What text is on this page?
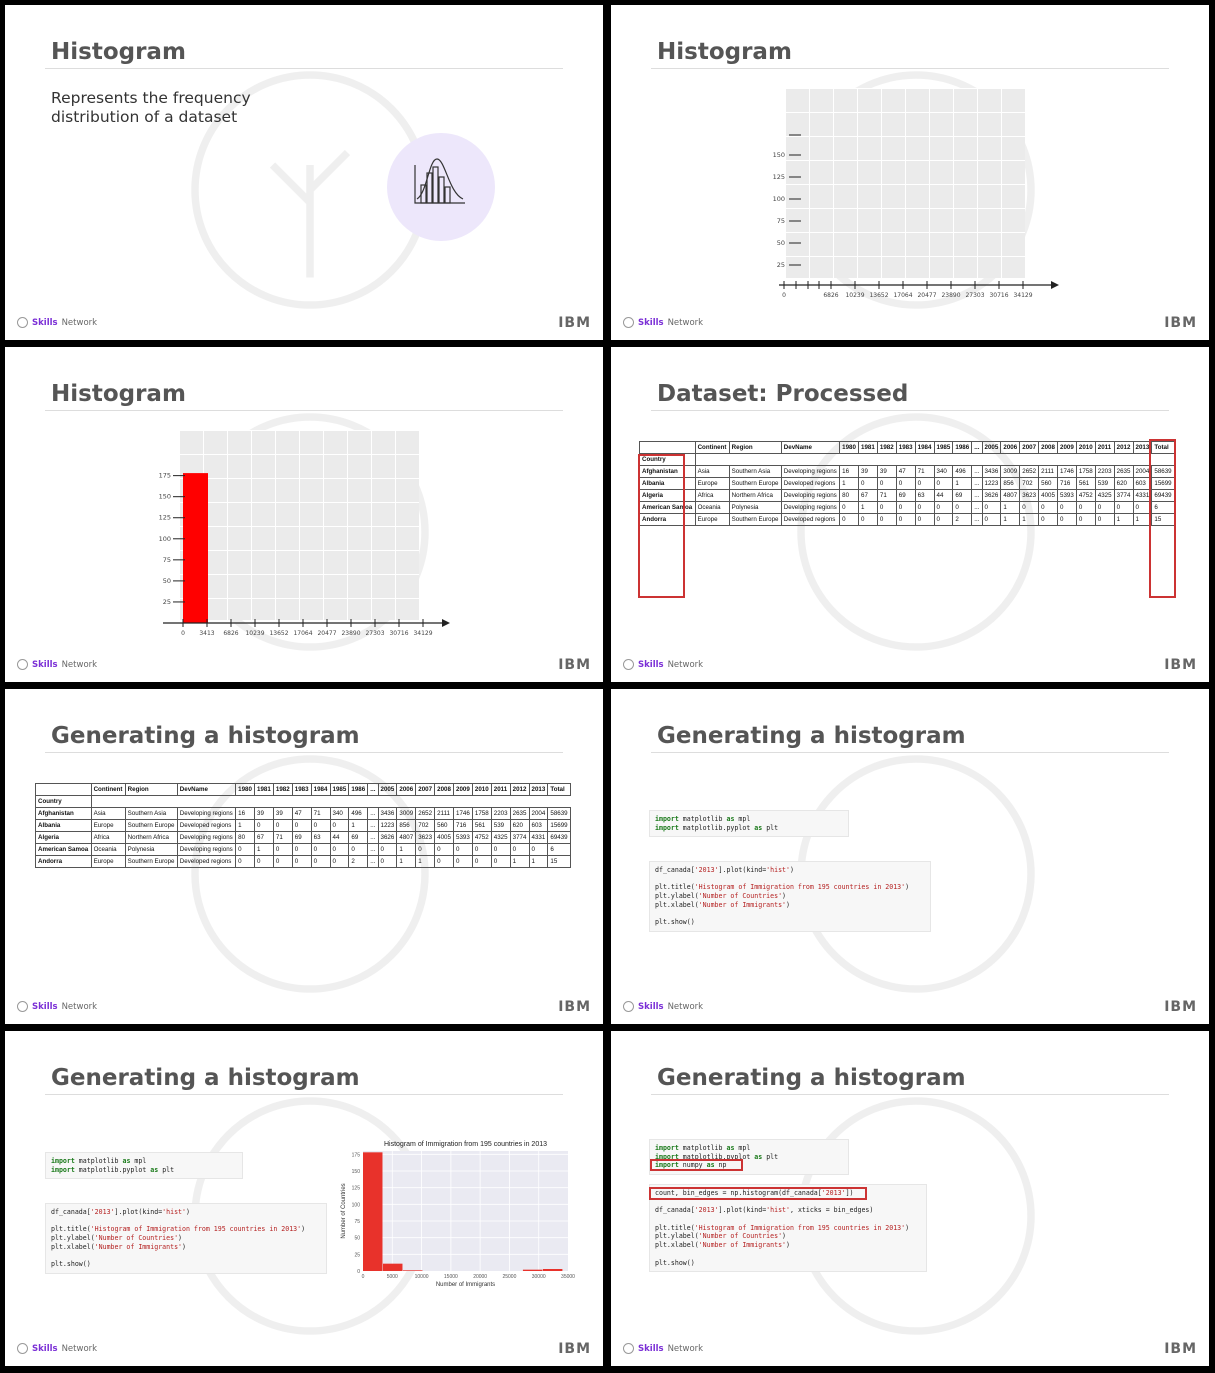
Histogram
Represents the frequency distribution of a dataset
Skills Network	IBM
Histogram
150
125
100
75
50
25
0	6826 10239 13652 17064 20477 23890 27303 30716 34129
Skills Network	IBM
Histogram
175
150
125
100
75
50
25
0 3413 6826 10239 13652 17064 20477 23890 27303 30716 34129
Skills Network	IBM
Dataset: Processed
	Continent	Region	DevName	1980	1981	1982	1983	1984	1985	1986	...	2005	2006	2007	2008	2009	2010	2011	2012	2013	Total
Country																					
Afghanistan	Asia	Southern Asia	Developing regions	16	39	39	47	71	340	496	...	3436	3009	2652	2111	1746	1758	2203	2635	2004	58639
Albania	Europe	Southern Europe	Developed regions	1	0	0	0	0	0	1	...	1223	856	702	560	716	561	539	620	603	15699
Algeria	Africa	Northern Africa	Developing regions	80	67	71	69	63	44	69	...	3626	4807	3623	4005	5393	4752	4325	3774	4331	69439
American Samoa	Oceania	Polynesia	Developing regions	0	1	0	0	0	0	0	...	0	1	0	0	0	0	0	0	0	6
Andorra	Europe	Southern Europe	Developed regions	0	0	0	0	0	0	2	...	0	1	1	0	0	0	0	1	1	15
Skills Network	IBM
Generating a histogram
	Continent	Region	DevName	1980	1981	1982	1983	1984	1985	1986	...	2005	2006	2007	2008	2009	2010	2011	2012	2013	Total
Country																					
Afghanistan	Asia	Southern Asia	Developing regions	16	39	39	47	71	340	496	...	3436	3009	2652	2111	1746	1758	2203	2635	2004	58639
Albania	Europe	Southern Europe	Developed regions	1	0	0	0	0	0	1	...	1223	856	702	560	716	561	539	620	603	15699
Algeria	Africa	Northern Africa	Developing regions	80	67	71	69	63	44	69	...	3626	4807	3623	4005	5393	4752	4325	3774	4331	69439
American Samoa	Oceania	Polynesia	Developing regions	0	1	0	0	0	0	0	...	0	1	0	0	0	0	0	0	0	6
Andorra	Europe	Southern Europe	Developed regions	0	0	0	0	0	0	2	...	0	1	1	0	0	0	0	1	1	15
Skills Network	IBM
Generating a histogram
import matplotlib as mpl
import matplotlib.pyplot as plt
df_canada['2013'].plot(kind='hist')
plt.title('Histogram of Immigration from 195 countries in 2013')
plt.ylabel('Number of Countries')
plt.xlabel('Number of Immigrants')
plt.show()
Skills Network	IBM
Generating a histogram
import matplotlib as mpl
import matplotlib.pyplot as plt
df_canada['2013'].plot(kind='hist')
plt.title('Histogram of Immigration from 195 countries in 2013')
plt.ylabel('Number of Countries')
plt.xlabel('Number of Immigrants')
plt.show()
Histogram of Immigration from 195 countries in 2013
175
150
125
100
75
50
25
0
0	5000	10000	15000	20000	25000	30000	35000
Number of Immigrants
Number of Countries
Skills Network	IBM
Generating a histogram
import matplotlib as mpl
import matplotlib.pyplot as plt
import numpy as np
count, bin_edges = np.histogram(df_canada['2013'])
df_canada['2013'].plot(kind='hist', xticks = bin_edges)
plt.title('Histogram of Immigration from 195 countries in 2013')
plt.ylabel('Number of Countries')
plt.xlabel('Number of Immigrants')
plt.show()
Skills Network	IBM
